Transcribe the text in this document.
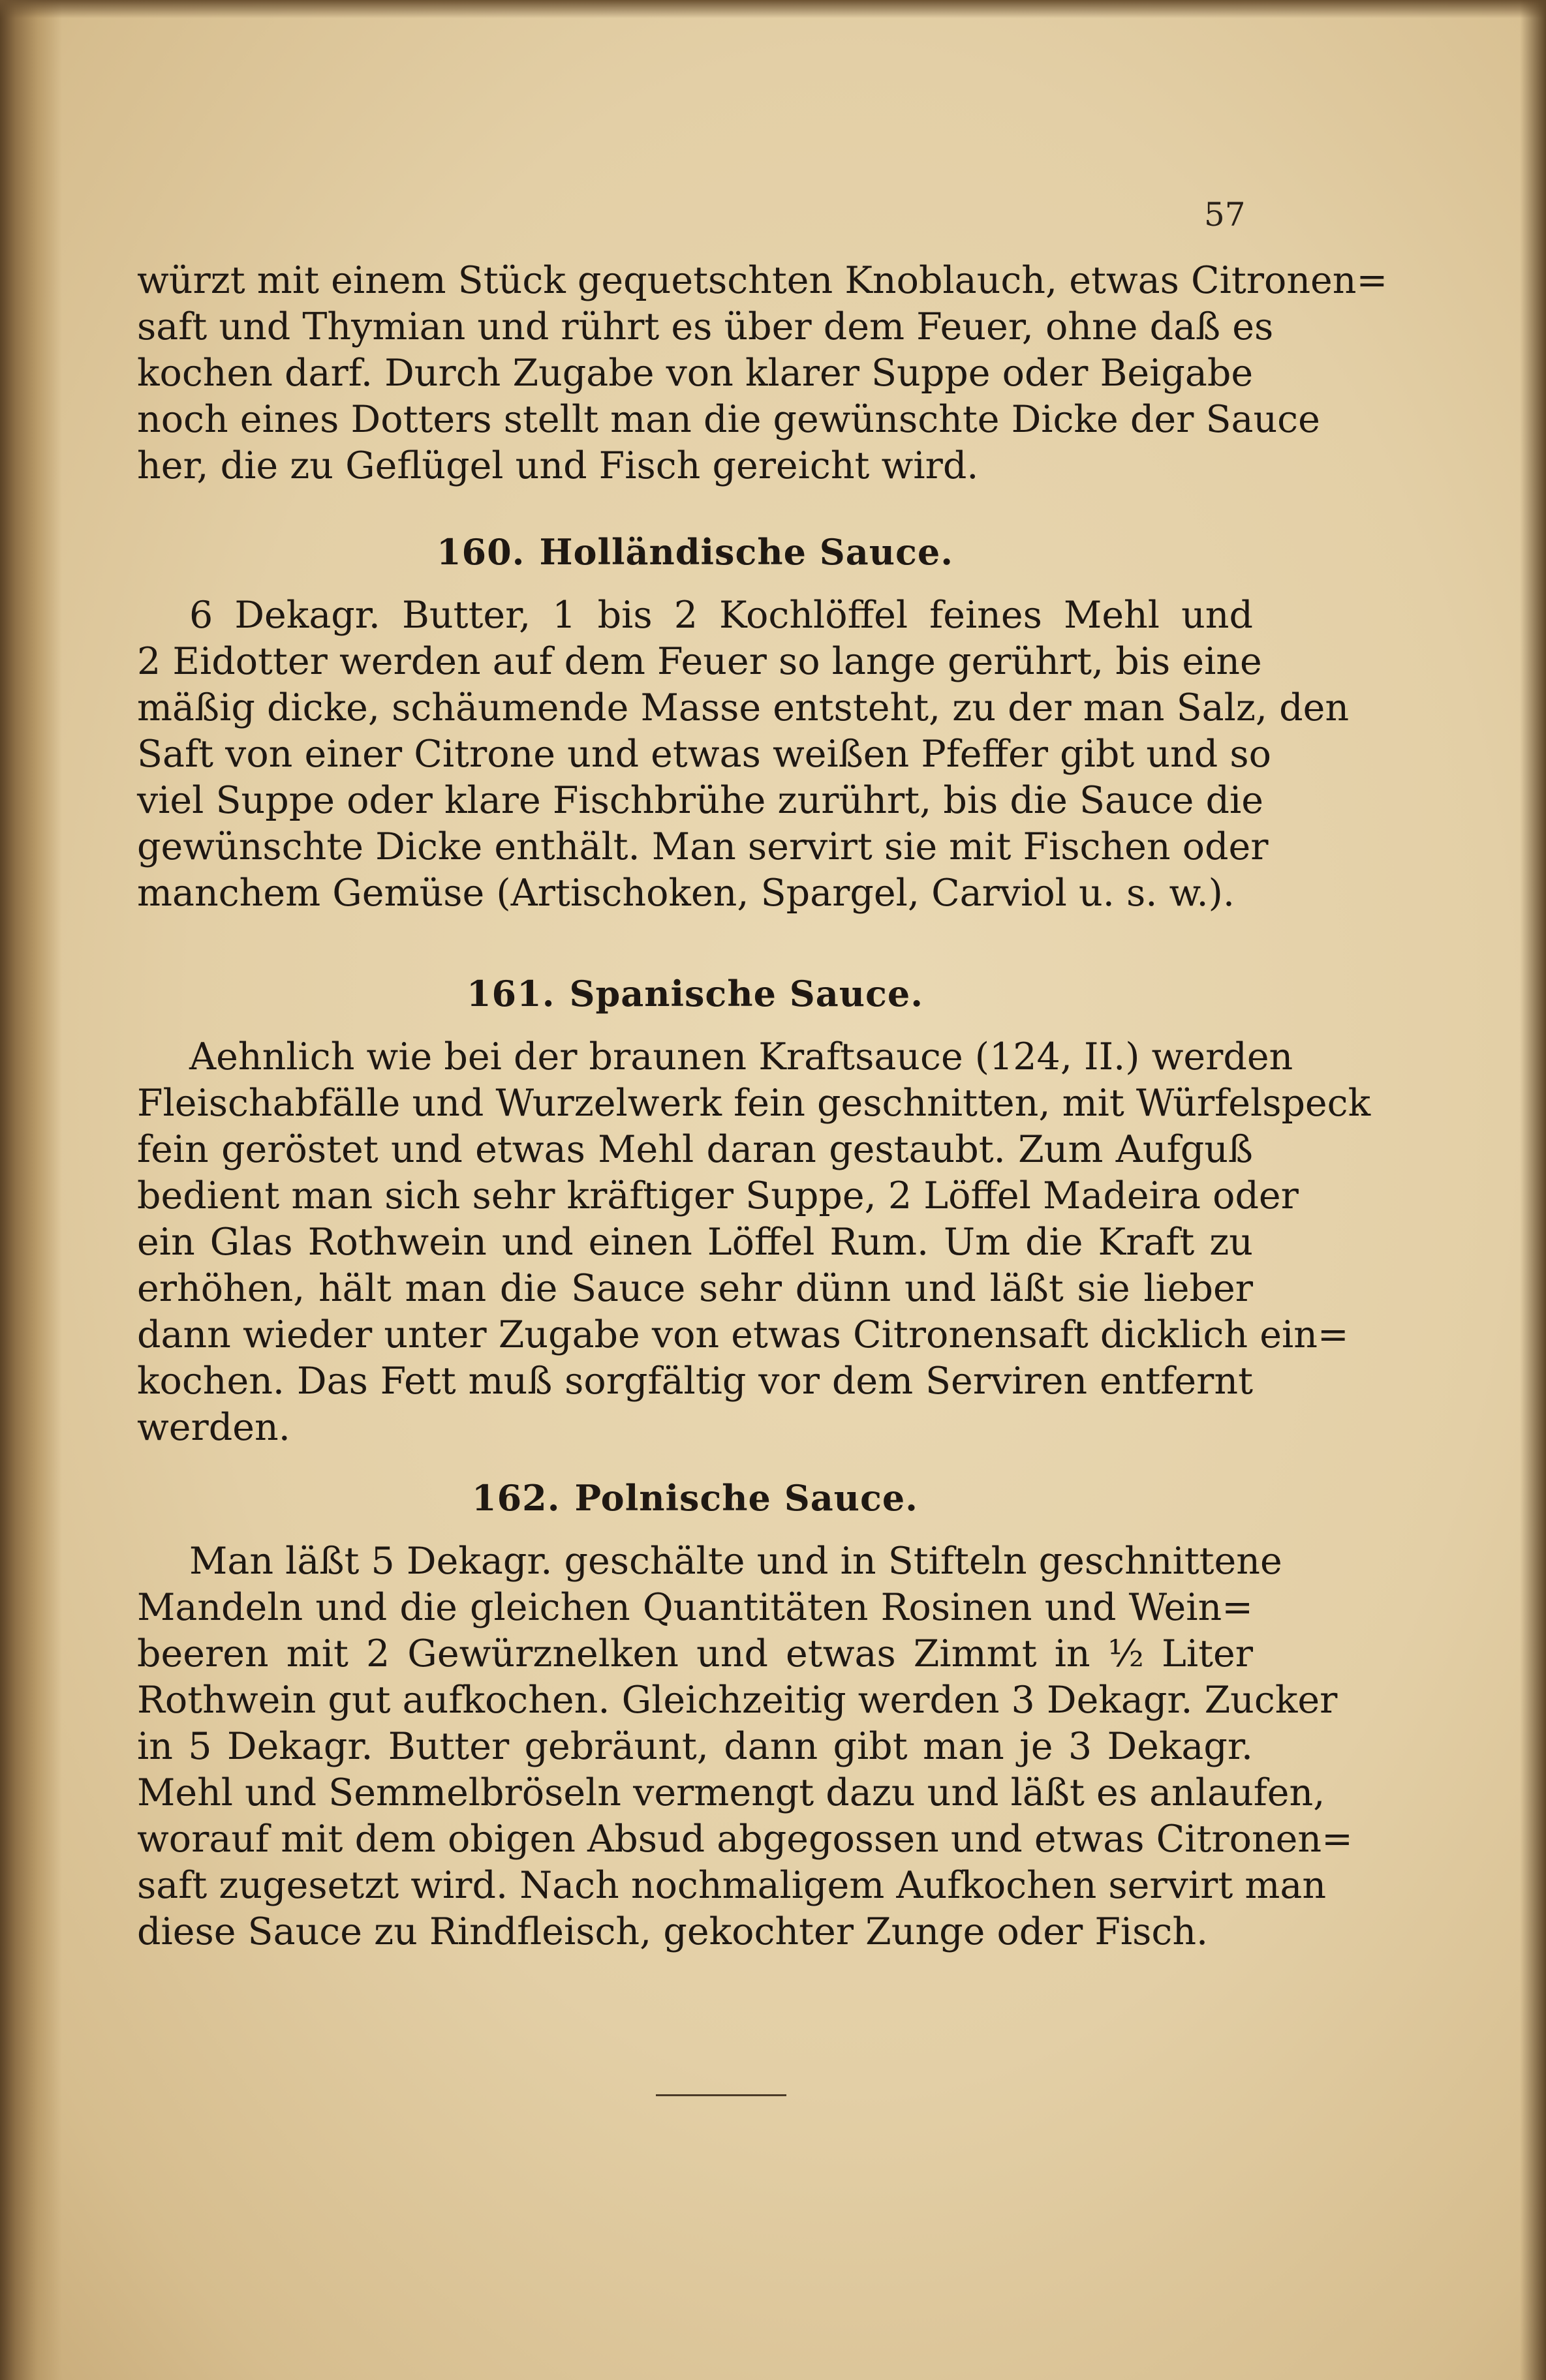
57
würzt mit einem Stück gequetschten Knoblauch, etwas Citronen=
saft und Thymian und rührt es über dem Feuer, ohne daß es
kochen darf. Durch Zugabe von klarer Suppe oder Beigabe
noch eines Dotters stellt man die gewünschte Dicke der Sauce
her, die zu Geflügel und Fisch gereicht wird.
160. Holländische Sauce.
6 Dekagr. Butter, 1 bis 2 Kochlöffel feines Mehl und
2 Eidotter werden auf dem Feuer so lange gerührt, bis eine
mäßig dicke, schäumende Masse entsteht, zu der man Salz, den
Saft von einer Citrone und etwas weißen Pfeffer gibt und so
viel Suppe oder klare Fischbrühe zurührt, bis die Sauce die
gewünschte Dicke enthält. Man servirt sie mit Fischen oder
manchem Gemüse (Artischoken, Spargel, Carviol u. s. w.).
161. Spanische Sauce.
Aehnlich wie bei der braunen Kraftsauce (124, II.) werden
Fleischabfälle und Wurzelwerk fein geschnitten, mit Würfelspeck
fein geröstet und etwas Mehl daran gestaubt. Zum Aufguß
bedient man sich sehr kräftiger Suppe, 2 Löffel Madeira oder
ein Glas Rothwein und einen Löffel Rum. Um die Kraft zu
erhöhen, hält man die Sauce sehr dünn und läßt sie lieber
dann wieder unter Zugabe von etwas Citronensaft dicklich ein=
kochen. Das Fett muß sorgfältig vor dem Serviren entfernt
werden.
162. Polnische Sauce.
Man läßt 5 Dekagr. geschälte und in Stifteln geschnittene
Mandeln und die gleichen Quantitäten Rosinen und Wein=
beeren mit 2 Gewürznelken und etwas Zimmt in ½ Liter
Rothwein gut aufkochen. Gleichzeitig werden 3 Dekagr. Zucker
in 5 Dekagr. Butter gebräunt, dann gibt man je 3 Dekagr.
Mehl und Semmelbröseln vermengt dazu und läßt es anlaufen,
worauf mit dem obigen Absud abgegossen und etwas Citronen=
saft zugesetzt wird. Nach nochmaligem Aufkochen servirt man
diese Sauce zu Rindfleisch, gekochter Zunge oder Fisch.
